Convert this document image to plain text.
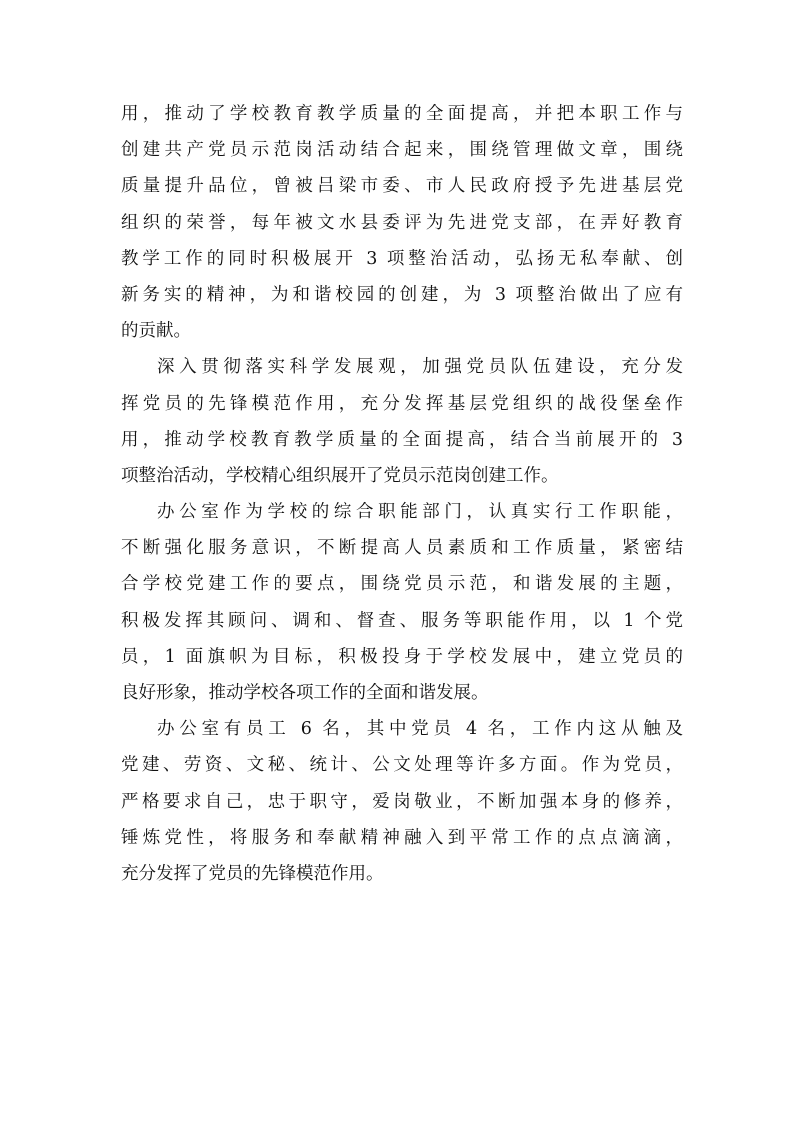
用，推动了学校教育教学质量的全面提高，并把本职工作与
创建共产党员示范岗活动结合起来，围绕管理做文章，围绕
质量提升品位，曾被吕梁市委、市人民政府授予先进基层党
组织的荣誉，每年被文水县委评为先进党支部，在弄好教育
教学工作的同时积极展开 3 项整治活动，弘扬无私奉献、创
新务实的精神，为和谐校园的创建，为 3 项整治做出了应有
的贡献。
深入贯彻落实科学发展观，加强党员队伍建设，充分发
挥党员的先锋模范作用，充分发挥基层党组织的战役堡垒作
用，推动学校教育教学质量的全面提高，结合当前展开的 3
项整治活动，学校精心组织展开了党员示范岗创建工作。
办公室作为学校的综合职能部门，认真实行工作职能，
不断强化服务意识，不断提高人员素质和工作质量，紧密结
合学校党建工作的要点，围绕党员示范，和谐发展的主题，
积极发挥其顾问、调和、督查、服务等职能作用，以 1 个党
员，1 面旗帜为目标，积极投身于学校发展中，建立党员的
良好形象，推动学校各项工作的全面和谐发展。
办公室有员工 6 名，其中党员 4 名，工作内这从触及
党建、劳资、文秘、统计、公文处理等许多方面。作为党员，
严格要求自己，忠于职守，爱岗敬业，不断加强本身的修养，
锤炼党性，将服务和奉献精神融入到平常工作的点点滴滴，
充分发挥了党员的先锋模范作用。
